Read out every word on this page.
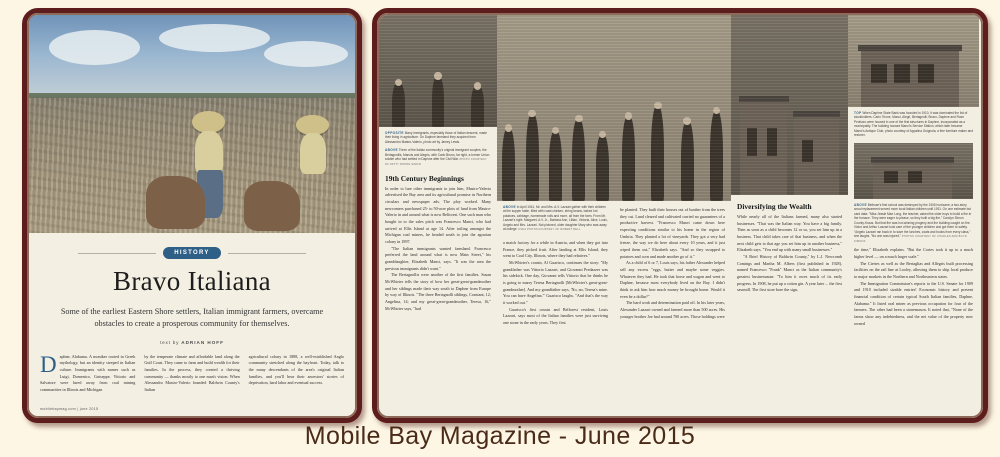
HISTORY
Bravo Italiana
Some of the earliest Eastern Shore settlers, Italian immigrant farmers, overcame obstacles to create a prosperous community for themselves.
text by ADRIAN HOFF
Daphne, Alabama. A moniker rooted in Greek mythology, but an identity steeped in Italian culture. Immigrants with names such as Luigi, Domenico, Guiseppe, Vittorio and Salvatore were lured away from coal mining communities in Illinois and Michigan
by the temperate climate and affordable land along the Gulf Coast. They came to farm and build wealth for their families. In the process, they created a thriving community — thanks mostly to one man's vision. When Alessandro Mastro-Valerio founded Baldwin County's Italian
agricultural colony in 1888, a well-established Anglo community stretched along the bayfront. Today, talk to the many descendants of the area's original Italian families, and you'll hear their ancestors' stories of deprivation, hard labor and eventual success.
mobilebaymag.com | june 2015
OPPOSITE Many immigrants, especially those of Italian descent, made their living in agriculture. On Daphne farmland they acquired from Alessandro Mastro-Valerio, photo art by Jamey Lewis.
ABOVE Three of the Italian community's original immigrant couples, the Bertagnollis, Mancis and Alegris, with Carlo Bruno, far right, a former Union soldier who had settled in Daphne after the Civil War. PHOTO COURTESY OF PATTY RHONE SIMON
19th Century Beginnings

In order to lure other immigrants to join him, Mastro-Valerio advertised the Bay area and its agricultural promise in Northern circulars and newspaper ads. The ploy worked. Many newcomers purchased 25- to 50-acre plots of land from Mastro-Valerio in and around what is now Belforest. One such man who bought in to the sales pitch was Francesco Manci, who had arrived at Ellis Island at age 14. After toiling amongst the Michigan coal miners, he headed south to join the agrarian colony in 1897.

"The Italian immigrants wanted farmland. Francesco preferred the land around what is now Main Street," his granddaughter, Elizabeth Manci, says. "It was the area the previous immigrants didn't want."

The Bertagnollis were another of the first families. Susan McWhirter tells the story of how her great-great-grandmother and her siblings made their way south to Daphne from Europe by way of Illinois. "The three Bertagnolli siblings, Constant, 12; Angelina, 14; and my great-great-grandmother, Teresa, 16," McWhirter says, "had

ABOVE In April 1941, Mr. and Mrs. A.V. Lazzari gather with their children at the supper table, filled with roast chicken, string beans, baked hot potatoes, cabbage, homemade rolls and more, all from the farm. From Mr. Lazzari's right: Margaret, A.V. Jr., Barbara Ann, Lillian, Victoria, Alice, Louis, Angelo and Mrs. Lazzari. Not pictured, older daughter Mary who was away at college. USDA PHOTO/COURTESY OF ROBERT BELL

a match factory for a while in Austria, and when they got into France, they picked fruit. After landing at Ellis Island, they went to Coal City, Illinois, where they had relatives."

McWhirter's cousin, Al Guarisco, continues the story: "My grandfather was Vittorio Lazzari, and Giovanni Predazzer was his sidekick. One day, Giovanni tells Vittorio that he thinks he is going to marry Teresa Bertagnolli [McWhirter's great-great-grandmother]. And my grandfather says, 'No, no, Teresa's mine. You can have Angelina.'" Guarisco laughs. "And that's the way it worked out."

Guarisco's first cousin and Belforest resident, Louis Lazzari, says most of the Italian families were just surviving one stone in the early years. They first

be planted. They built their houses out of lumber from the trees they cut. Land cleared and cultivated carried no guarantees of a productive harvest. "Francesco Manci came down here expecting conditions similar to his home in the region of Umbria. They planted a lot of vineyards. They got a very bad freeze, the way we do here about every 10 years, and it just wiped them out," Elizabeth says. "And so they swapped to potatoes and corn and made another go of it."

As a child of 6 or 7, Louis says, his father Alexander helped sell any excess "eggs, butter and maybe some veggies. Whatever they had. He took that horse and wagon and went to Daphne, because most everybody lived on the Bay. I didn't think to ask him how much money he brought home. Would it even be a dollar?"

The hard work and determination paid off. In his later years, Alexander Lazzari owned and farmed more than 500 acres. His younger brother Joe had around 700 acres. Those holdings were

Diversifying the Wealth

While nearly all of the Italians farmed, many also started businesses. "That was the Italian way. You have a big family. Then as soon as a child becomes 12 or so, you set him up in a business. That child takes care of that business, and when the next child gets to that age you set him up in another business," Elizabeth says. "You end up with many small businesses."

"A Brief History of Baldwin County," by L.J. Newcomb Comings and Martha M. Albers (first published in 1928), named Francesco "Frank" Manci as the Italian community's greatest businessman: "To him it owes much of its early progress. In 1908, he put up a cotton gin. A year later ... the first sawmill. The first store bore the sign,

TOP When Daphne State Bank was founded in 1910, it was dominated the list of stockholders: Carlo Trione, Manci, Alegri, Bertagnolli, Bruno, Daphne and Rose Pedrizzo were housed in one of the first structures in Daphne, incorporated as a municipality. The building housed Manci's Service Station, which later became Manci's Antique Club, photo courtesy of Appalina Guignola, a fine furniture maker and restorer.
ABOVE Bellrose's first school was destroyed by the 1906 hurricane; a two-story wood replacement served more local Italian children until 1931. On one estimate but card data: "Miss Jessie Mae Long, the teacher, asked the older boys to build a fire in the furnace. They were eager to please, so they built a big fire," Carolyn Simon County-Kraus. But that fire was hot-winning progeny and the building caught on fire. Victor and Arthur Lazzari took care of the younger children and got them to safety. "Angelo Lazzari ran back in to save the lunches, coats and books from every class," she laughs. "No one was injured." PHOTOS COURTESY OF CHARLES AND BOYD SIMONS

the time," Elizabeth explains. "But the Cortes took it up to a much higher level — on a much larger scale."

The Ciertes as well as the Bertaglias and Allegris built processing facilities on the rail line at Loxley, allowing them to ship local produce to major markets in the Northern and Northeastern states.

The Immigration Commission's reports to the U.S. Senate for 1909 and 1910 included sizable entries! Economic history and present financial condition of certain typical South Italian families, Daphne, Alabama." It listed oral miner as previous occupation for four of the farmers. The other had been a stonemason. It noted that, "None of the farms show any indebtedness, and the net value of the property now owned

Mobile Bay Magazine - June 2015
